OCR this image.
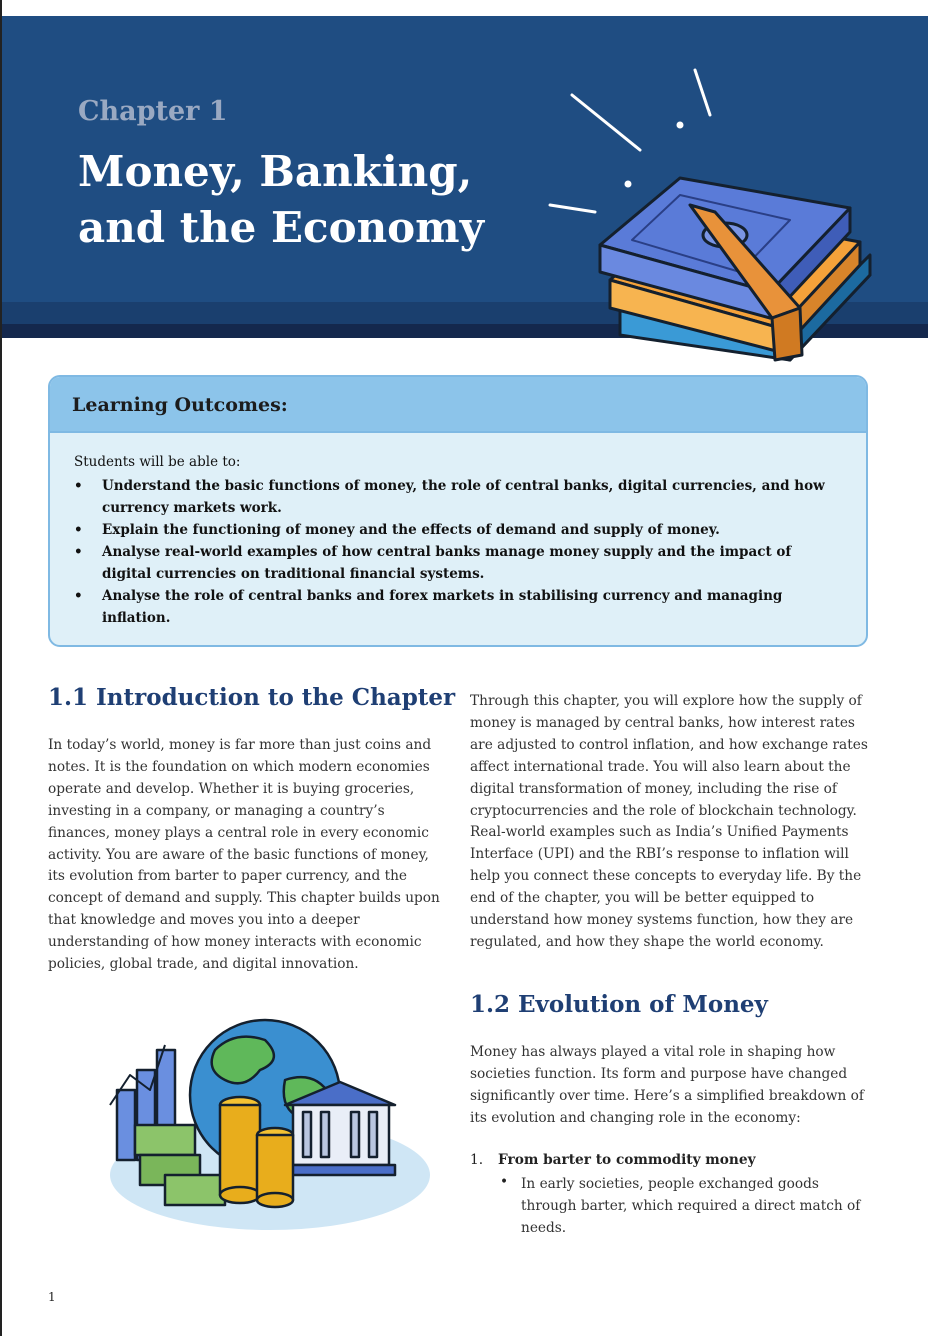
Chapter 1
Money, Banking, and the Economy
Learning Outcomes:
Students will be able to:
• Understand the basic functions of money, the role of central banks, digital currencies, and how currency markets work.
• Explain the functioning of money and the effects of demand and supply of money.
• Analyse real-world examples of how central banks manage money supply and the impact of digital currencies on traditional financial systems.
• Analyse the role of central banks and forex markets in stabilising currency and managing inflation.
1.1 Introduction to the Chapter

In today’s world, money is far more than just coins and notes. It is the foundation on which modern economies operate and develop. Whether it is buying groceries, investing in a company, or managing a country’s finances, money plays a central role in every economic activity. You are aware of the basic functions of money, its evolution from barter to paper currency, and the concept of demand and supply. This chapter builds upon that knowledge and moves you into a deeper understanding of how money interacts with economic policies, global trade, and digital innovation.

Through this chapter, you will explore how the supply of money is managed by central banks, how interest rates are adjusted to control inflation, and how exchange rates affect international trade. You will also learn about the digital transformation of money, including the rise of cryptocurrencies and the role of blockchain technology. Real-world examples such as India’s Unified Payments Interface (UPI) and the RBI’s response to inflation will help you connect these concepts to everyday life. By the end of the chapter, you will be better equipped to understand how money systems function, how they are regulated, and how they shape the world economy.

1.2 Evolution of Money

Money has always played a vital role in shaping how societies function. Its form and purpose have changed significantly over time. Here’s a simplified breakdown of its evolution and changing role in the economy:

1. From barter to commodity money
• In early societies, people exchanged goods through barter, which required a direct match of needs.

1
